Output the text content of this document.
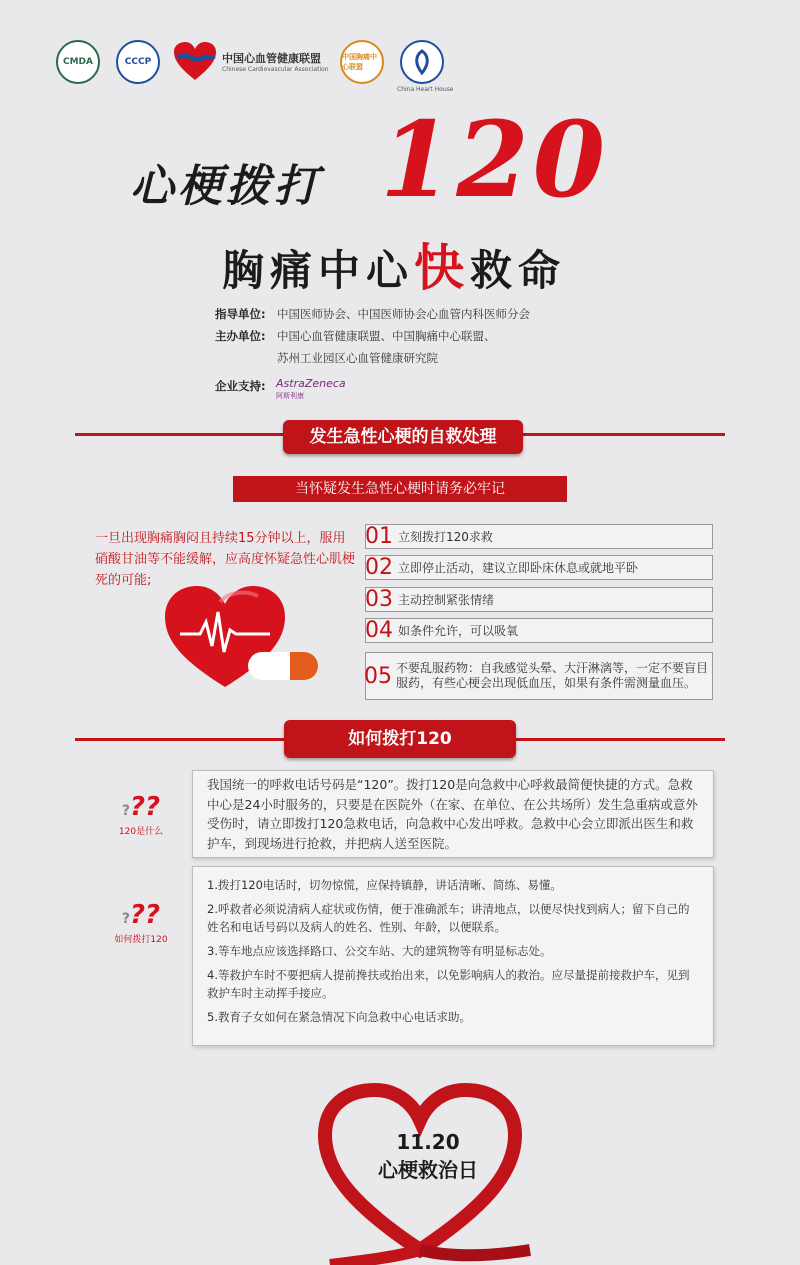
CMDA	CCCP	中国心血管健康联盟
Chinese Cardiovascular Association
中国胸痛中心联盟
China Heart House
心梗拨打 120
胸痛中心快救命
指导单位: 中国医师协会、中国医师协会心血管内科医师分会
主办单位: 中国心血管健康联盟、中国胸痛中心联盟、
苏州工业园区心血管健康研究院
企业支持: AstraZeneca
阿斯利康
发生急性心梗的自救处理
当怀疑发生急性心梗时请务必牢记
一旦出现胸痛胸闷且持续15分钟以上，服用硝酸甘油等不能缓解，应高度怀疑急性心肌梗死的可能;
01 立刻拨打120求救
02 立即停止活动，建议立即卧床休息或就地平卧
03 主动控制紧张情绪
04 如条件允许，可以吸氧
05 不要乱服药物：自我感觉头晕、大汗淋漓等，一定不要盲目服药，有些心梗会出现低血压，如果有条件需测量血压。
如何拨打120
???
120是什么
我国统一的呼救电话号码是“120”。拨打120是向急救中心呼救最简便快捷的方式。急救中心是24小时服务的，只要是在医院外（在家、在单位、在公共场所）发生急重病或意外受伤时，请立即拨打120急救电话，向急救中心发出呼救。急救中心会立即派出医生和救护车，到现场进行抢救，并把病人送至医院。
???
如何拨打120

1.拨打120电话时，切勿惊慌，应保持镇静，讲话清晰、简练、易懂。

2.呼救者必须说清病人症状或伤情，便于准确派车；讲清地点，以便尽快找到病人；留下自己的姓名和电话号码以及病人的姓名、性别、年龄，以便联系。

3.等车地点应该选择路口、公交车站、大的建筑物等有明显标志处。

4.等救护车时不要把病人提前搀扶或抬出来，以免影响病人的救治。应尽量提前接救护车，见到救护车时主动挥手接应。

5.教育子女如何在紧急情况下向急救中心电话求助。

11.20
心梗救治日
